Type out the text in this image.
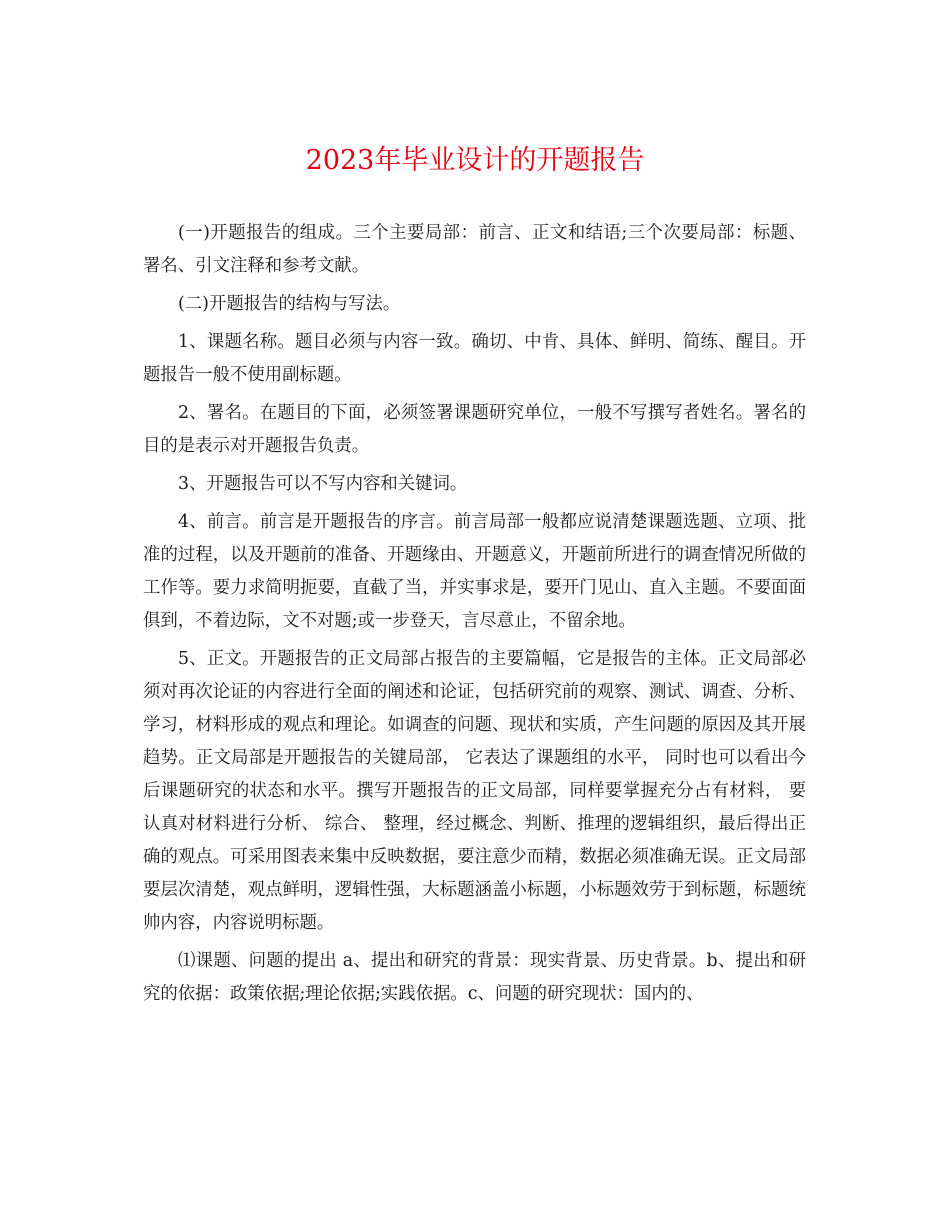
2023年毕业设计的开题报告

(一)开题报告的组成。三个主要局部：前言、正文和结语;三个次要局部：标题、署名、引文注释和参考文献。

(二)开题报告的结构与写法。

1、课题名称。题目必须与内容一致。确切、中肯、具体、鲜明、简练、醒目。开题报告一般不使用副标题。

2、署名。在题目的下面，必须签署课题研究单位，一般不写撰写者姓名。署名的目的是表示对开题报告负责。

3、开题报告可以不写内容和关键词。

4、前言。前言是开题报告的序言。前言局部一般都应说清楚课题选题、立项、批准的过程，以及开题前的准备、开题缘由、开题意义，开题前所进行的调查情况所做的工作等。要力求简明扼要，直截了当，并实事求是，要开门见山、直入主题。不要面面俱到，不着边际，文不对题;或一步登天，言尽意止，不留余地。

5、正文。开题报告的正文局部占报告的主要篇幅，它是报告的主体。正文局部必须对再次论证的内容进行全面的阐述和论证，包括研究前的观察、测试、调查、分析、学习，材料形成的观点和理论。如调查的问题、现状和实质，产生问题的原因及其开展趋势。正文局部是开题报告的关键局部， 它表达了课题组的水平， 同时也可以看出今后课题研究的状态和水平。撰写开题报告的正文局部，同样要掌握充分占有材料， 要认真对材料进行分析、 综合、 整理，经过概念、判断、推理的逻辑组织，最后得出正确的观点。可采用图表来集中反映数据，要注意少而精，数据必须准确无误。正文局部要层次清楚，观点鲜明，逻辑性强，大标题涵盖小标题，小标题效劳于到标题，标题统帅内容，内容说明标题。

⑴课题、问题的提出 a、提出和研究的背景：现实背景、历史背景。b、提出和研究的依据：政策依据;理论依据;实践依据。c、问题的研究现状：国内的、
